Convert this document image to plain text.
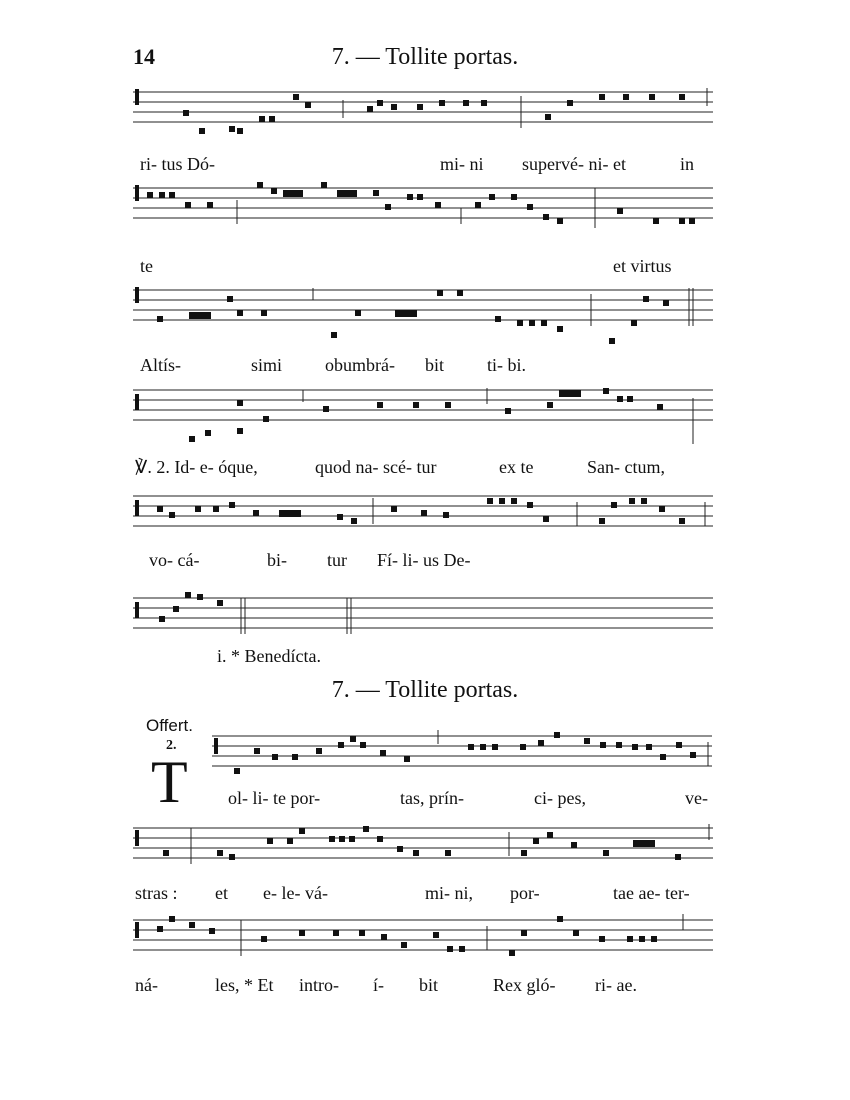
14	7. — Tollite portas.
ri- tus Dó-	mi- ni supervé- ni- et	in
te	et virtus
Altís-	simi obumbrá- bit ti- bi.
℣. 2. Id- e- óque,	quod na- scé- tur	ex te	San- ctum,
vo- cá-	bi- tur Fí- li- us De-
i. * Benedícta.
7. — Tollite portas.
Offert.
2.
T ol- li- te por-	tas, prín-	ci- pes,	ve-
stras : et e- le- vá-	mi- ni, por-	tae ae- ter-
ná-	les, * Et intro- í- bit	Rex gló- ri- ae.
